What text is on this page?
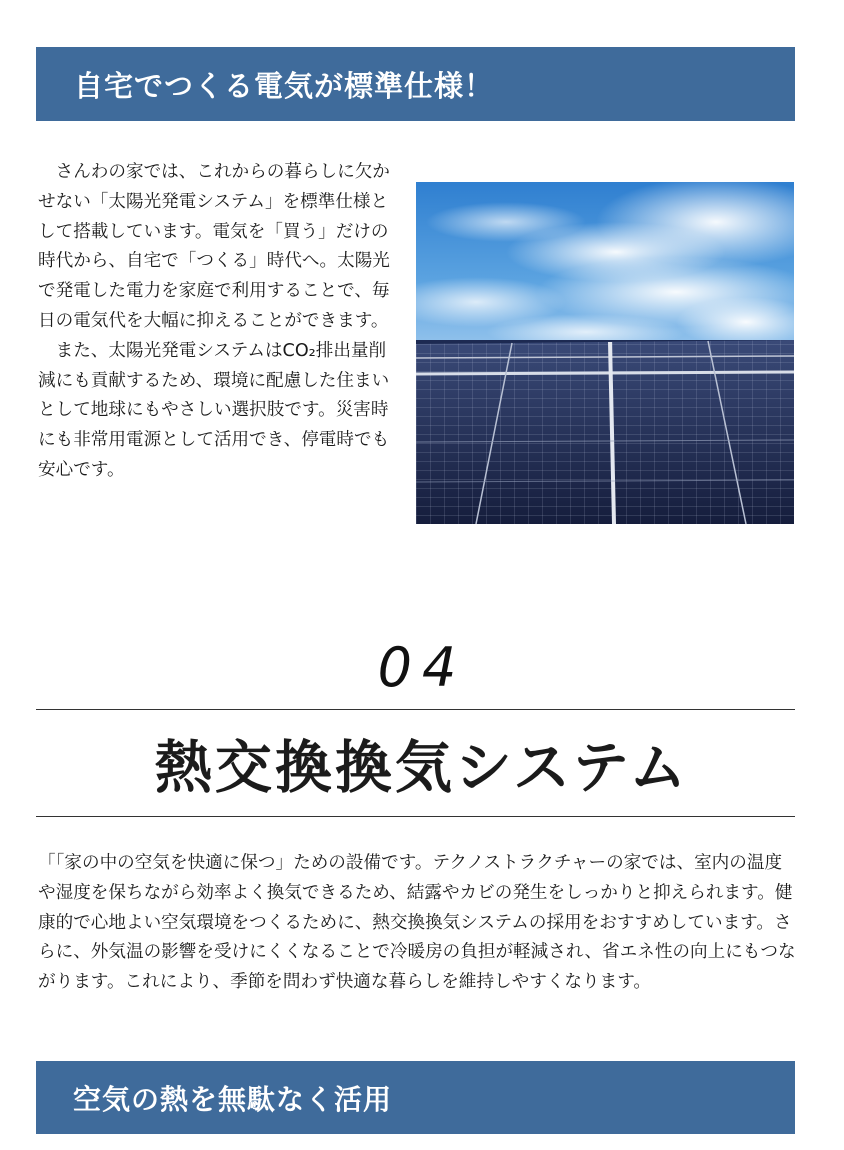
自宅でつくる電気が標準仕様！

さんわの家では、これからの暮らしに欠かせない「太陽光発電システム」を標準仕様として搭載しています。電気を「買う」だけの時代から、自宅で「つくる」時代へ。太陽光で発電した電力を家庭で利用することで、毎日の電気代を大幅に抑えることができます。

また、太陽光発電システムはCO₂排出量削減にも貢献するため、環境に配慮した住まいとして地球にもやさしい選択肢です。災害時にも非常用電源として活用でき、停電時でも安心です。

04
熱交換換気システム

「「家の中の空気を快適に保つ」ための設備です。テクノストラクチャーの家では、室内の温度や湿度を保ちながら効率よく換気できるため、結露やカビの発生をしっかりと抑えられます。健康的で心地よい空気環境をつくるために、熱交換換気システムの採用をおすすめしています。さらに、外気温の影響を受けにくくなることで冷暖房の負担が軽減され、省エネ性の向上にもつながります。これにより、季節を問わず快適な暮らしを維持しやすくなります。

空気の熱を無駄なく活用
